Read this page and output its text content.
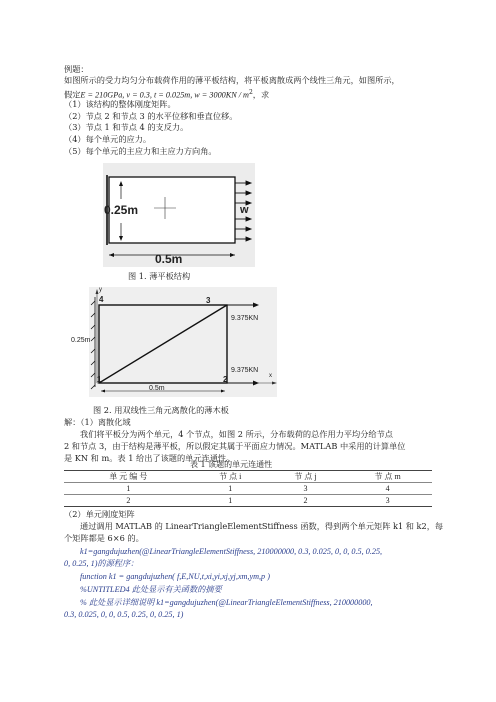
例题：
如图所示的受力均匀分布载荷作用的薄平板结构，将平板离散成两个线性三角元，如图所示，
假定E = 210GPa, v = 0.3, t = 0.025m, $w = 3000KN / m^2$，求
（1）该结构的整体刚度矩阵。
（2）节点 2 和节点 3 的水平位移和垂直位移。
（3）节点 1 和节点 4 的支反力。
（4）每个单元的应力。
（5）每个单元的主应力和主应力方向角。
0.25m	w
0.5m
图 1. 薄平板结构
y
x
4	3
1	2
0.25m
0.5m
9.375KN
9.375KN
图 2. 用双线性三角元离散化的薄木板
解：（1）离散化域
我们将平板分为两个单元，4 个节点，如图 2 所示，分布载荷的总作用力平均分给节点
2 和节点 3，由于结构是薄平板，所以假定其属于平面应力情况。MATLAB 中采用的计算单位
是 KN 和 m。表 1 给出了该题的单元连通性。
表 1 该题的单元连通性
单 元 编 号	节 点 i	节 点 j	节 点 m
1	1	3	4
2	1	2	3
（2）单元刚度矩阵
通过调用 MATLAB 的 LinearTriangleElementStiffness 函数，得到两个单元矩阵 k1 和 k2，每
个矩阵都是 6×6 的。
k1=gangdujuzhen(@LinearTriangleElementStiffness, 210000000, 0.3, 0.025, 0, 0, 0.5, 0.25,
0, 0.25, 1)的源程序：
function k1 = gangdujuzhen( f,E,NU,t,xi,yi,xj,yj,xm,ym,p )
%UNTITLED4 此处显示有关函数的摘要
% 此处显示详细说明 k1=gangdujuzhen(@LinearTriangleElementStiffness, 210000000,
0.3, 0.025, 0, 0, 0.5, 0.25, 0, 0.25, 1)
